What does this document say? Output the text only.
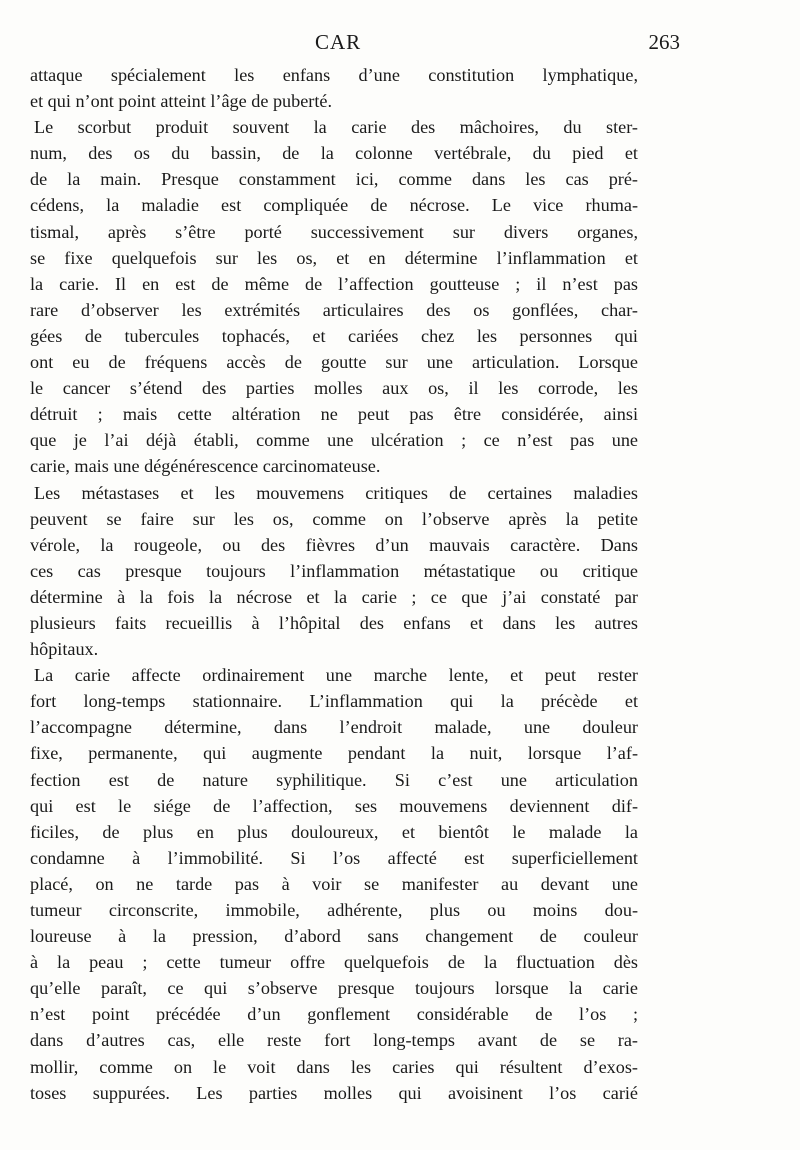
CAR	263
attaque spécialement les enfans d’une constitution lymphatique,
et qui n’ont point atteint l’âge de puberté.
Le scorbut produit souvent la carie des mâchoires, du ster-
num, des os du bassin, de la colonne vertébrale, du pied et
de la main. Presque constamment ici, comme dans les cas pré-
cédens, la maladie est compliquée de nécrose. Le vice rhuma-
tismal, après s’être porté successivement sur divers organes,
se fixe quelquefois sur les os, et en détermine l’inflammation et
la carie. Il en est de même de l’affection goutteuse ; il n’est pas
rare d’observer les extrémités articulaires des os gonflées, char-
gées de tubercules tophacés, et cariées chez les personnes qui
ont eu de fréquens accès de goutte sur une articulation. Lorsque
le cancer s’étend des parties molles aux os, il les corrode, les
détruit ; mais cette altération ne peut pas être considérée, ainsi
que je l’ai déjà établi, comme une ulcération ; ce n’est pas une
carie, mais une dégénérescence carcinomateuse.
Les métastases et les mouvemens critiques de certaines maladies
peuvent se faire sur les os, comme on l’observe après la petite
vérole, la rougeole, ou des fièvres d’un mauvais caractère. Dans
ces cas presque toujours l’inflammation métastatique ou critique
détermine à la fois la nécrose et la carie ; ce que j’ai constaté par
plusieurs faits recueillis à l’hôpital des enfans et dans les autres
hôpitaux.
La carie affecte ordinairement une marche lente, et peut rester
fort long-temps stationnaire. L’inflammation qui la précède et
l’accompagne détermine, dans l’endroit malade, une douleur
fixe, permanente, qui augmente pendant la nuit, lorsque l’af-
fection est de nature syphilitique. Si c’est une articulation
qui est le siége de l’affection, ses mouvemens deviennent dif-
ficiles, de plus en plus douloureux, et bientôt le malade la
condamne à l’immobilité. Si l’os affecté est superficiellement
placé, on ne tarde pas à voir se manifester au devant une
tumeur circonscrite, immobile, adhérente, plus ou moins dou-
loureuse à la pression, d’abord sans changement de couleur
à la peau ; cette tumeur offre quelquefois de la fluctuation dès
qu’elle paraît, ce qui s’observe presque toujours lorsque la carie
n’est point précédée d’un gonflement considérable de l’os ;
dans d’autres cas, elle reste fort long-temps avant de se ra-
mollir, comme on le voit dans les caries qui résultent d’exos-
toses suppurées. Les parties molles qui avoisinent l’os carié
